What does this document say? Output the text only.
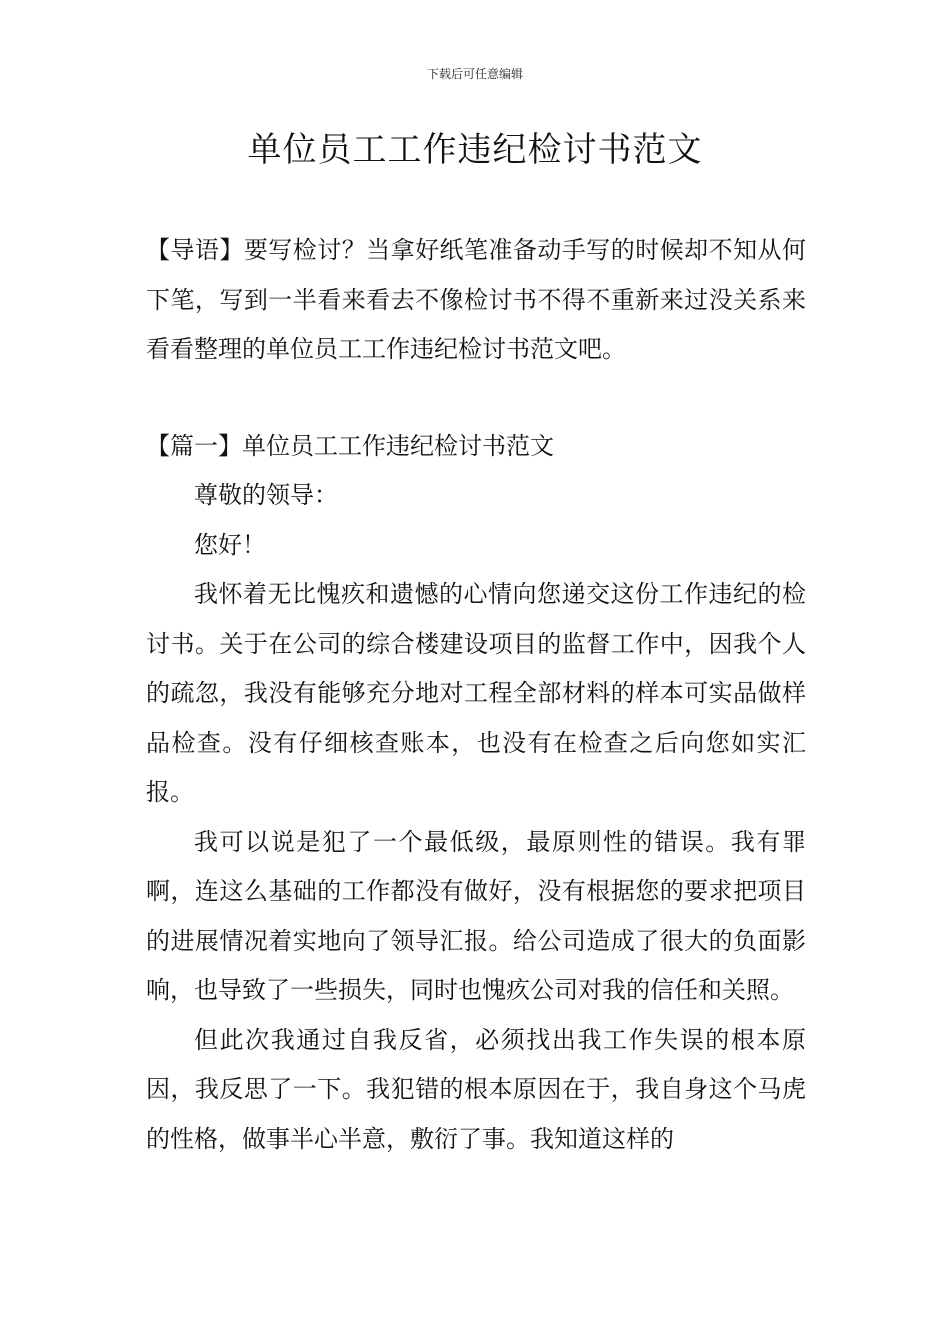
下载后可任意编辑
单位员工工作违纪检讨书范文

【导语】要写检讨？当拿好纸笔准备动手写的时候却不知从何下笔，写到一半看来看去不像检讨书不得不重新来过没关系来看看整理的单位员工工作违纪检讨书范文吧。

【篇一】单位员工工作违纪检讨书范文

尊敬的领导：

您好！

我怀着无比愧疚和遗憾的心情向您递交这份工作违纪的检讨书。关于在公司的综合楼建设项目的监督工作中，因我个人的疏忽，我没有能够充分地对工程全部材料的样本可实品做样品检查。没有仔细核查账本，也没有在检查之后向您如实汇报。

我可以说是犯了一个最低级，最原则性的错误。我有罪啊，连这么基础的工作都没有做好，没有根据您的要求把项目的进展情况着实地向了领导汇报。给公司造成了很大的负面影响，也导致了一些损失，同时也愧疚公司对我的信任和关照。

但此次我通过自我反省，必须找出我工作失误的根本原因，我反思了一下。我犯错的根本原因在于，我自身这个马虎的性格，做事半心半意，敷衍了事。我知道这样的
